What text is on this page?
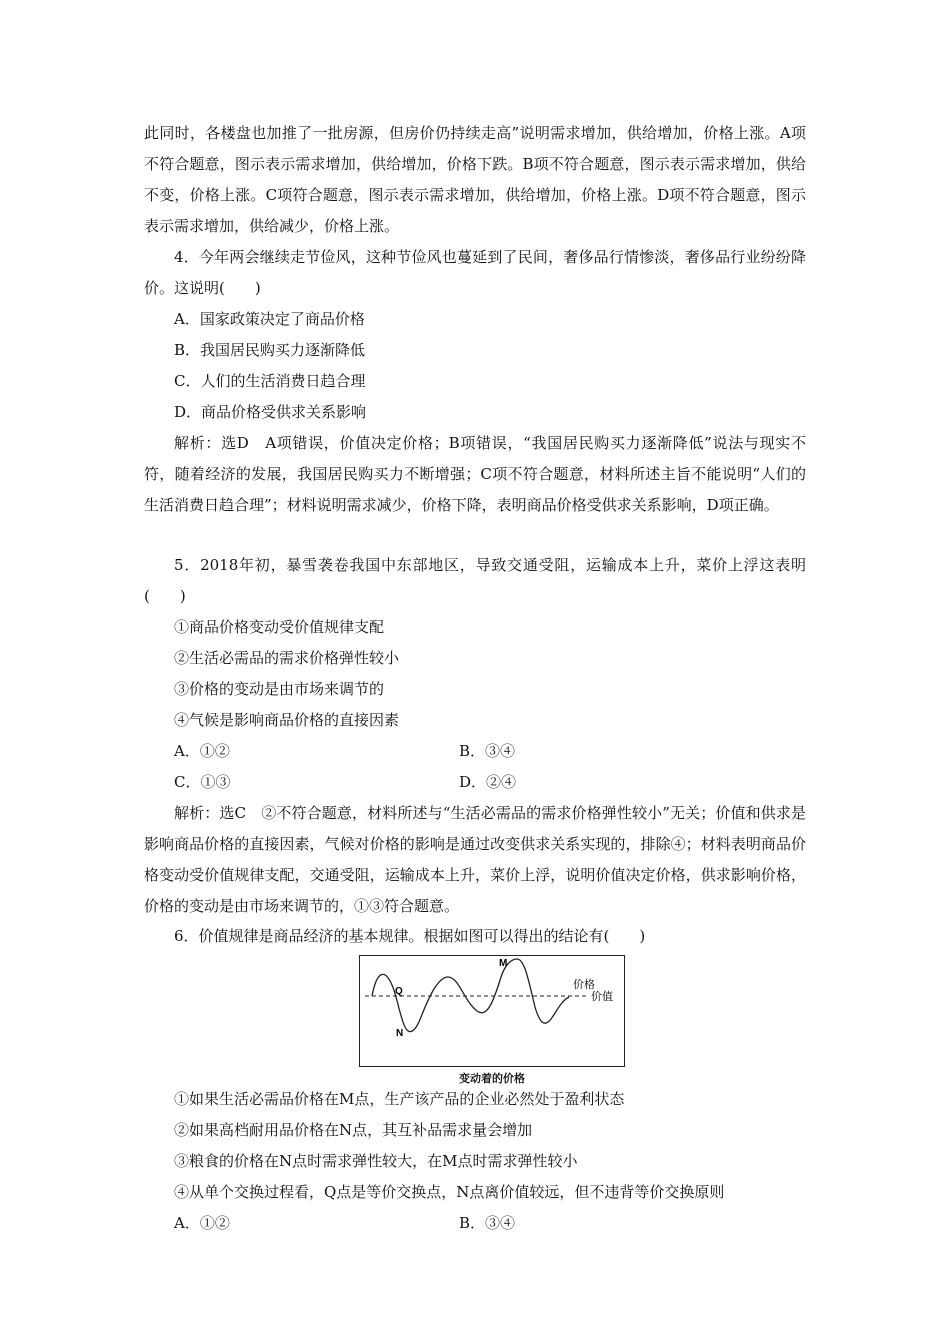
此同时，各楼盘也加推了一批房源，但房价仍持续走高”说明需求增加，供给增加，价格上涨。A项不符合题意，图示表示需求增加，供给增加，价格下跌。B项不符合题意，图示表示需求增加，供给不变，价格上涨。C项符合题意，图示表示需求增加，供给增加，价格上涨。D项不符合题意，图示表示需求增加，供给减少，价格上涨。

4．今年两会继续走节俭风，这种节俭风也蔓延到了民间，奢侈品行情惨淡，奢侈品行业纷纷降价。这说明(　　)

A．国家政策决定了商品价格

B．我国居民购买力逐渐降低

C．人们的生活消费日趋合理

D．商品价格受供求关系影响

解析：选D　A项错误，价值决定价格；B项错误，“我国居民购买力逐渐降低”说法与现实不符，随着经济的发展，我国居民购买力不断增强；C项不符合题意，材料所述主旨不能说明“人们的生活消费日趋合理”；材料说明需求减少，价格下降，表明商品价格受供求关系影响，D项正确。

5．2018年初，暴雪袭卷我国中东部地区，导致交通受阻，运输成本上升，菜价上浮这表明(　　)

①商品价格变动受价值规律支配

②生活必需品的需求价格弹性较小

③价格的变动是由市场来调节的

④气候是影响商品价格的直接因素

A．①②	B．③④

C．①③	D．②④

解析：选C　②不符合题意，材料所述与“生活必需品的需求价格弹性较小”无关；价值和供求是影响商品价格的直接因素，气候对价格的影响是通过改变供求关系实现的，排除④；材料表明商品价格变动受价值规律支配，交通受阻，运输成本上升，菜价上浮，说明价值决定价格，供求影响价格，价格的变动是由市场来调节的，①③符合题意。

6．价值规律是商品经济的基本规律。根据如图可以得出的结论有(　　)

M
Q
N
价格
价值
变动着的价格

①如果生活必需品价格在M点，生产该产品的企业必然处于盈利状态

②如果高档耐用品价格在N点，其互补品需求量会增加

③粮食的价格在N点时需求弹性较大，在M点时需求弹性较小

④从单个交换过程看，Q点是等价交换点，N点离价值较远，但不违背等价交换原则

A．①②	B．③④
